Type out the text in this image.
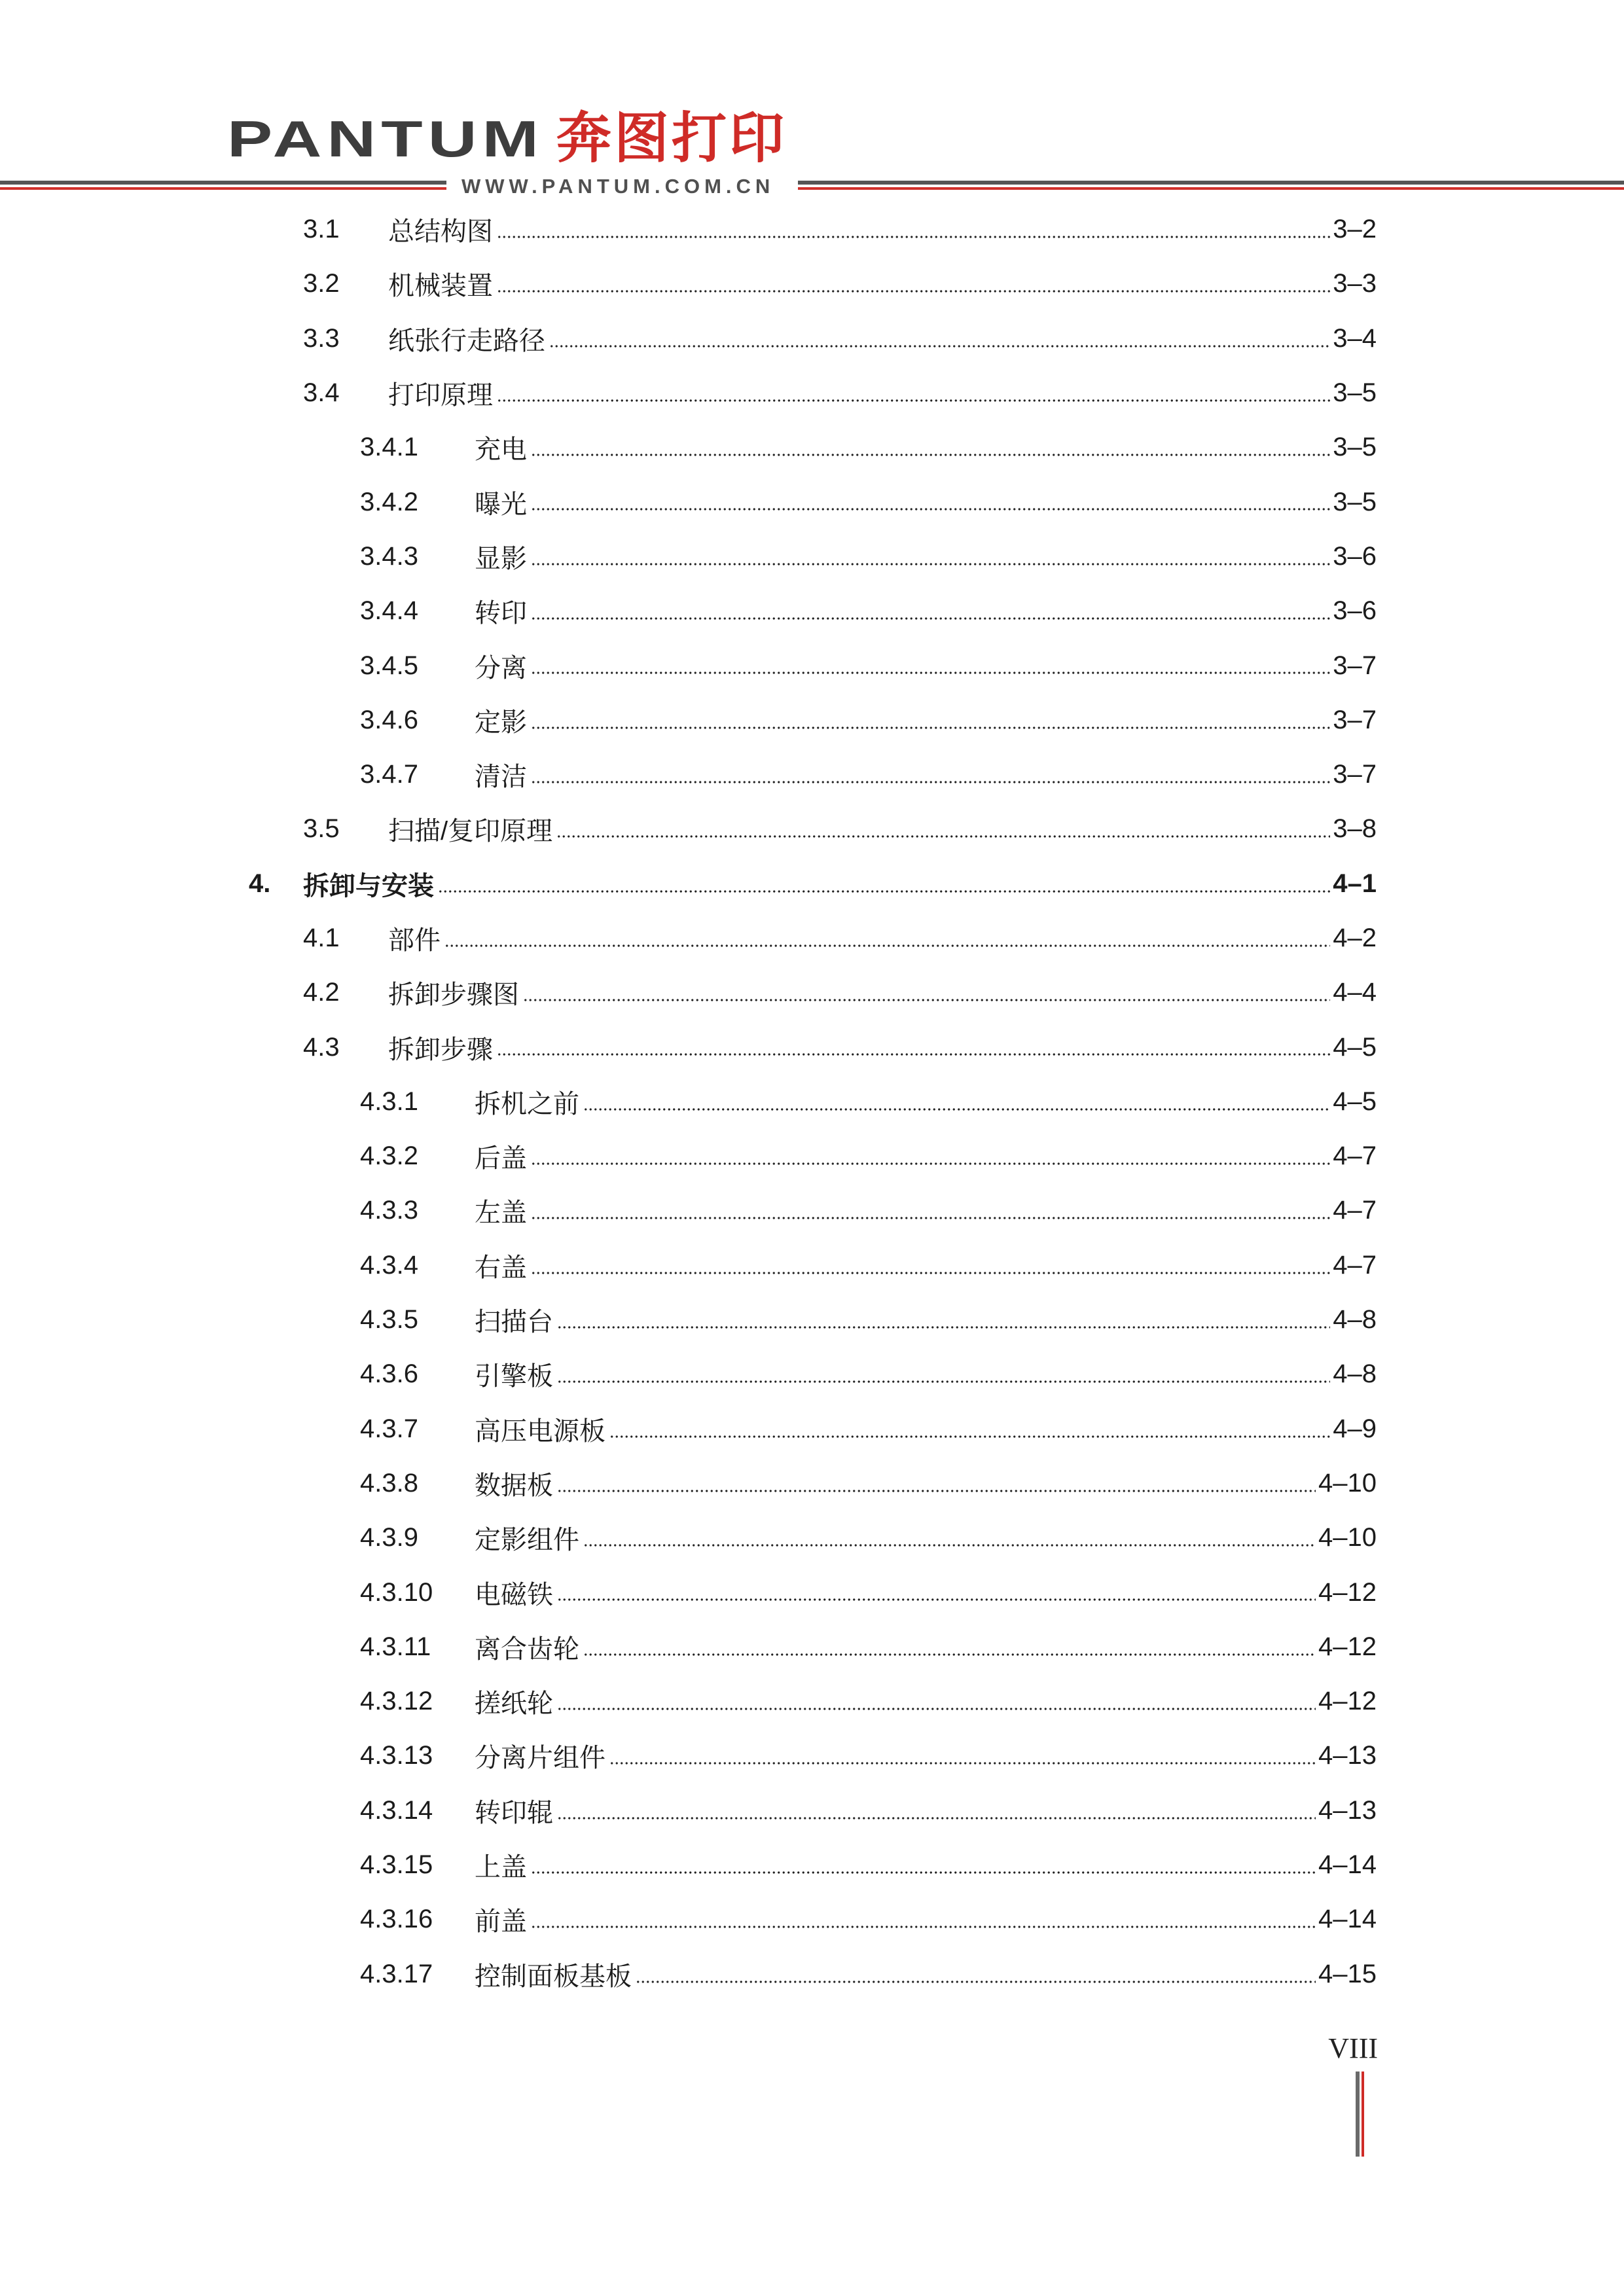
PANTUM 奔图打印
WWW.PANTUM.COM.CN
3.1	总结构图	3–2
3.2	机械装置	3–3
3.3	纸张行走路径	3–4
3.4	打印原理	3–5
3.4.1	充电	3–5
3.4.2	曝光	3–5
3.4.3	显影	3–6
3.4.4	转印	3–6
3.4.5	分离	3–7
3.4.6	定影	3–7
3.4.7	清洁	3–7
3.5	扫描/复印原理	3–8
4.	拆卸与安装	4–1
4.1	部件	4–2
4.2	拆卸步骤图	4–4
4.3	拆卸步骤	4–5
4.3.1	拆机之前	4–5
4.3.2	后盖	4–7
4.3.3	左盖	4–7
4.3.4	右盖	4–7
4.3.5	扫描台	4–8
4.3.6	引擎板	4–8
4.3.7	高压电源板	4–9
4.3.8	数据板	4–10
4.3.9	定影组件	4–10
4.3.10	电磁铁	4–12
4.3.11	离合齿轮	4–12
4.3.12	搓纸轮	4–12
4.3.13	分离片组件	4–13
4.3.14	转印辊	4–13
4.3.15	上盖	4–14
4.3.16	前盖	4–14
4.3.17	控制面板基板	4–15
VIII
